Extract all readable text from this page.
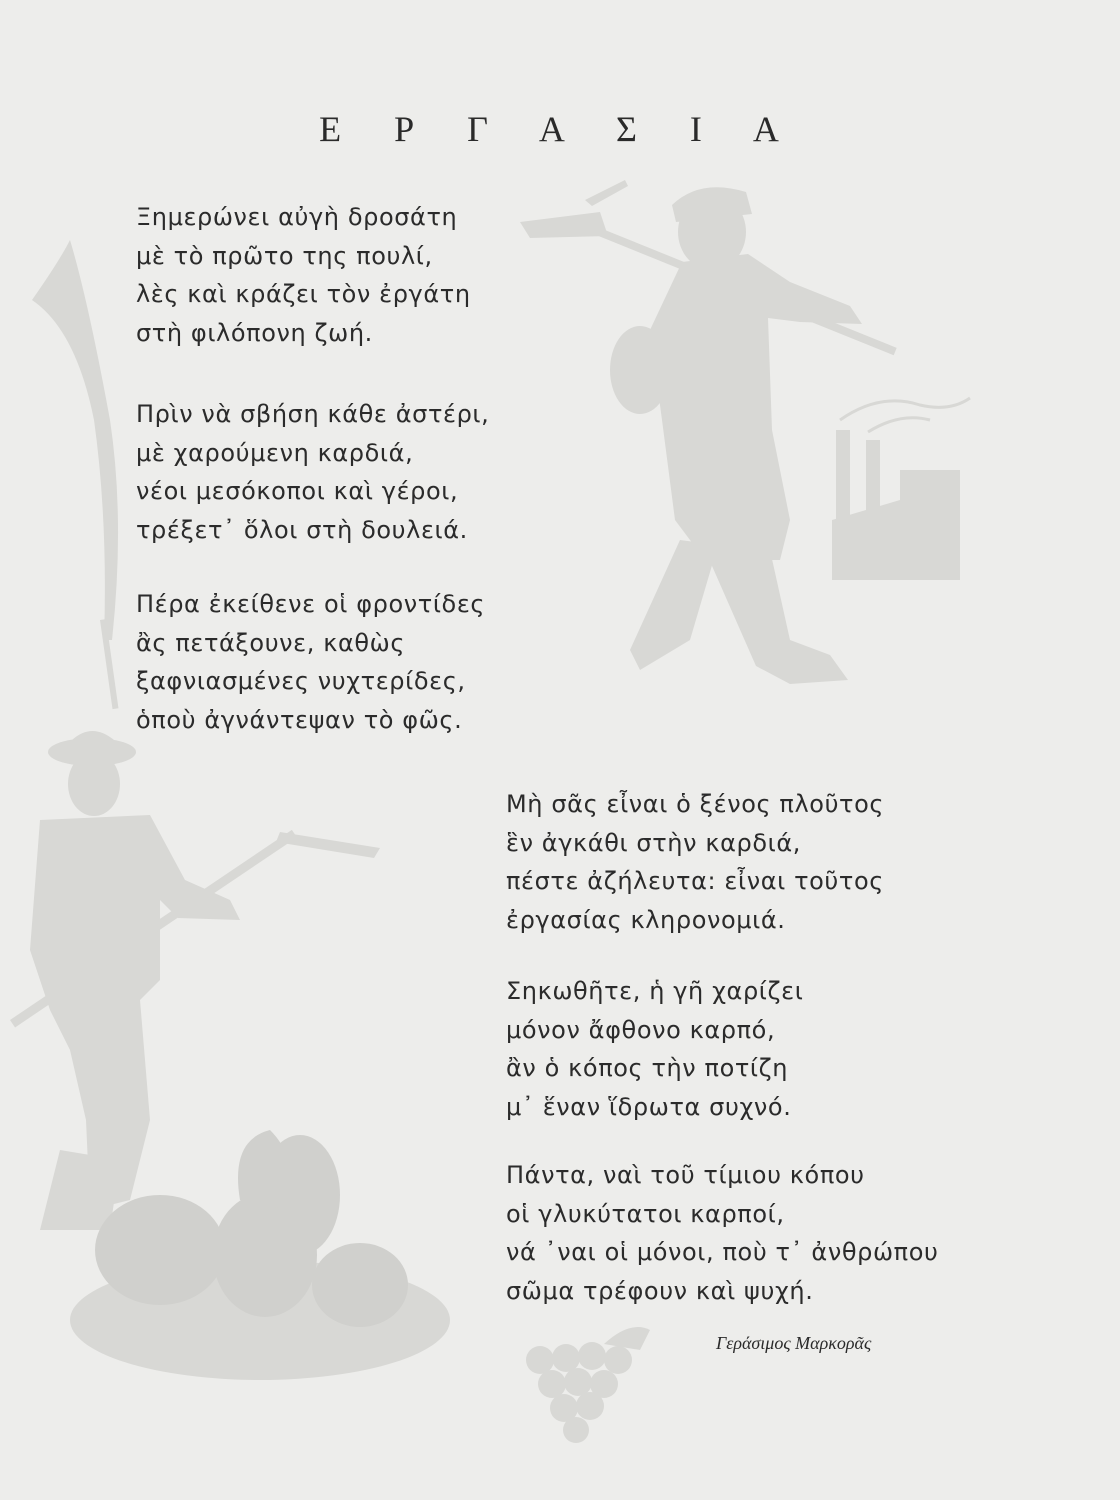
Ε Ρ Γ Α Σ Ι Α
Ξημερώνει αὐγὴ δροσάτη
μὲ τὸ πρῶτο της πουλί,
λὲς καὶ κράζει τὸν ἐργάτη
στὴ φιλόπονη ζωή.
Πρὶν νὰ σβήση κάθε ἀστέρι,
μὲ χαρούμενη καρδιά,
νέοι μεσόκοποι καὶ γέροι,
τρέξετ᾿ ὅλοι στὴ δουλειά.
Πέρα ἐκείθενε οἱ φροντίδες
ἂς πετάξουνε, καθὼς
ξαφνιασμένες νυχτερίδες,
ὁποὺ ἀγνάντεψαν τὸ φῶς.
Μὴ σᾶς εἶναι ὁ ξένος πλοῦτος
ἓν ἀγκάθι στὴν καρδιά,
πέστε ἀζήλευτα: εἶναι τοῦτος
ἐργασίας κληρονομιά.
Σηκωθῆτε, ἡ γῆ χαρίζει
μόνον ἄφθονο καρπό,
ἂν ὁ κόπος τὴν ποτίζη
μ᾿ ἕναν ἵδρωτα συχνό.
Πάντα, ναὶ τοῦ τίμιου κόπου
οἱ γλυκύτατοι καρποί,
νά ᾿ναι οἱ μόνοι, ποὺ τ᾿ ἀνθρώπου
σῶμα τρέφουν καὶ ψυχή.
Γεράσιμος Μαρκορᾶς
